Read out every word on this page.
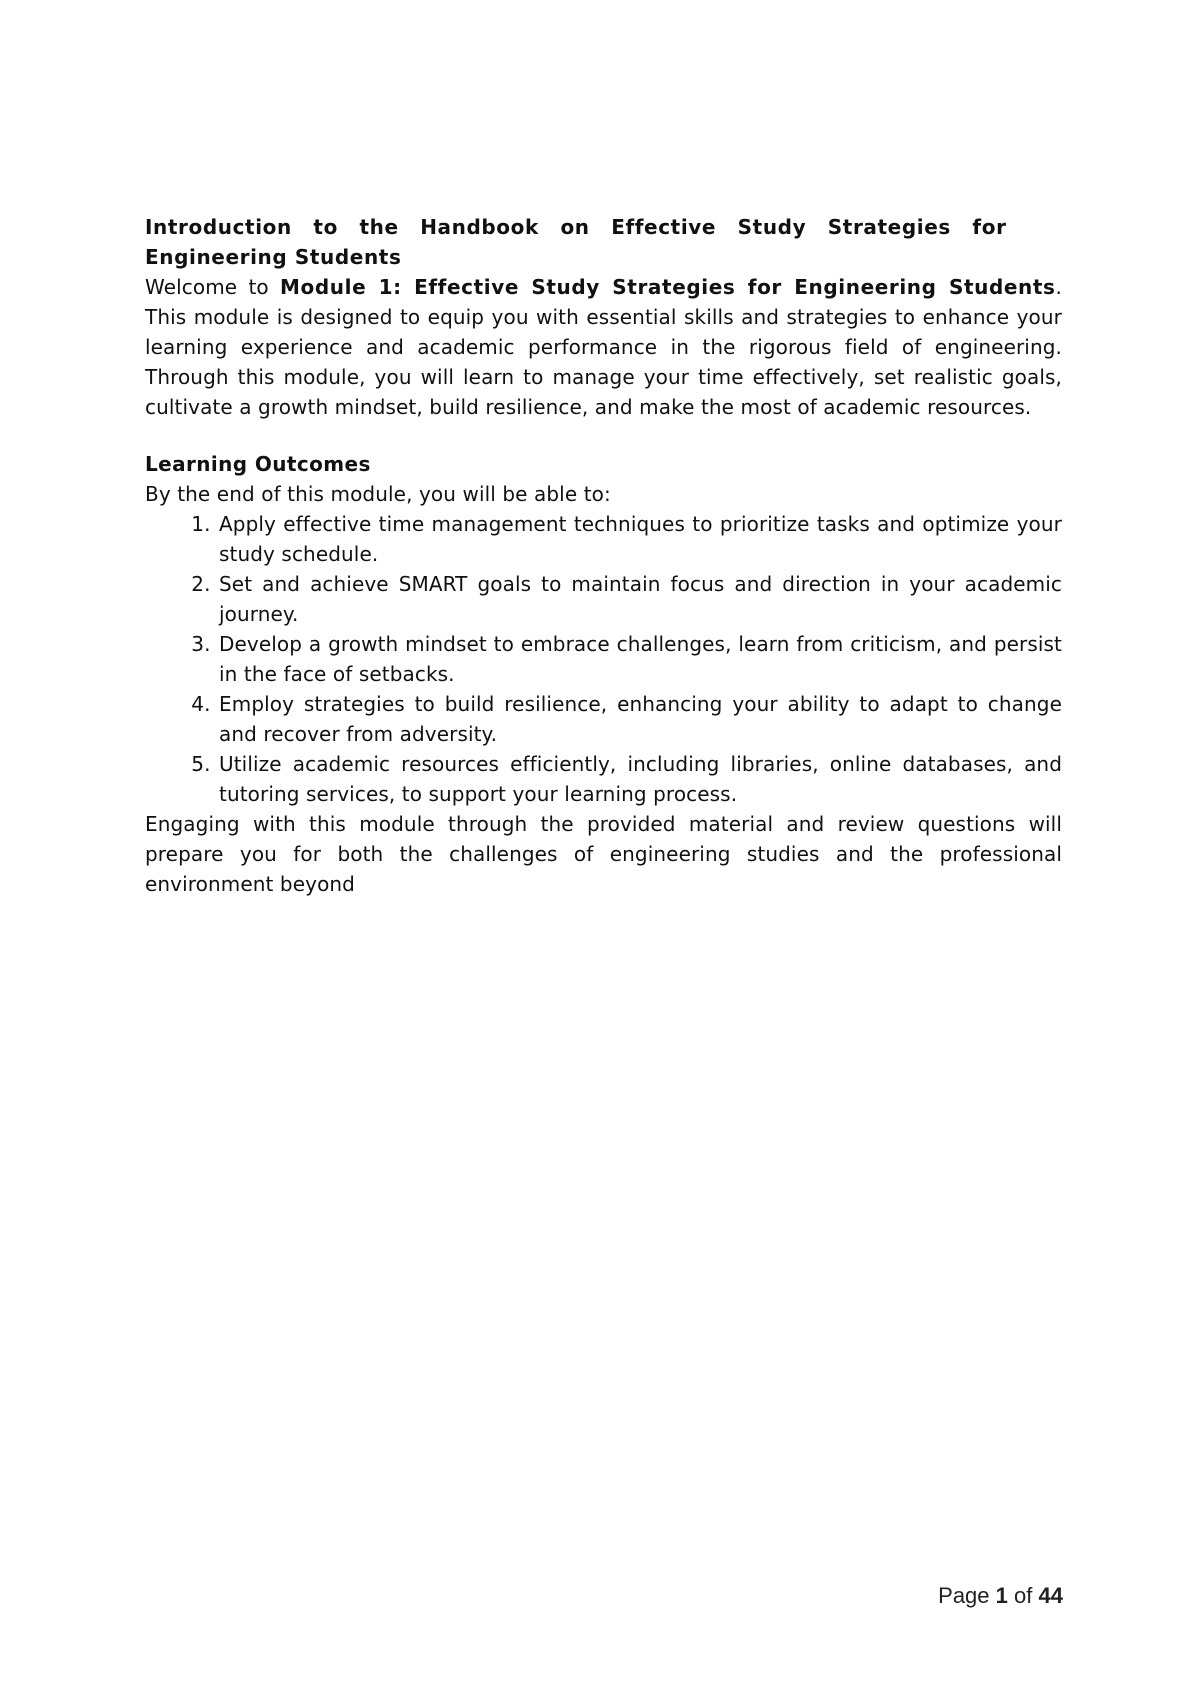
Introduction to the Handbook on Effective Study Strategies for
Engineering Students

Welcome to Module 1: Effective Study Strategies for Engineering Students. This module is designed to equip you with essential skills and strategies to enhance your learning experience and academic performance in the rigorous field of engineering. Through this module, you will learn to manage your time effectively, set realistic goals, cultivate a growth mindset, build resilience, and make the most of academic resources.

Learning Outcomes

By the end of this module, you will be able to:

1. Apply effective time management techniques to prioritize tasks and optimize your study schedule.
2. Set and achieve SMART goals to maintain focus and direction in your academic journey.
3. Develop a growth mindset to embrace challenges, learn from criticism, and persist in the face of setbacks.
4. Employ strategies to build resilience, enhancing your ability to adapt to change and recover from adversity.
5. Utilize academic resources efficiently, including libraries, online databases, and tutoring services, to support your learning process.

Engaging with this module through the provided material and review questions will prepare you for both the challenges of engineering studies and the professional environment beyond

Page 1 of 44
